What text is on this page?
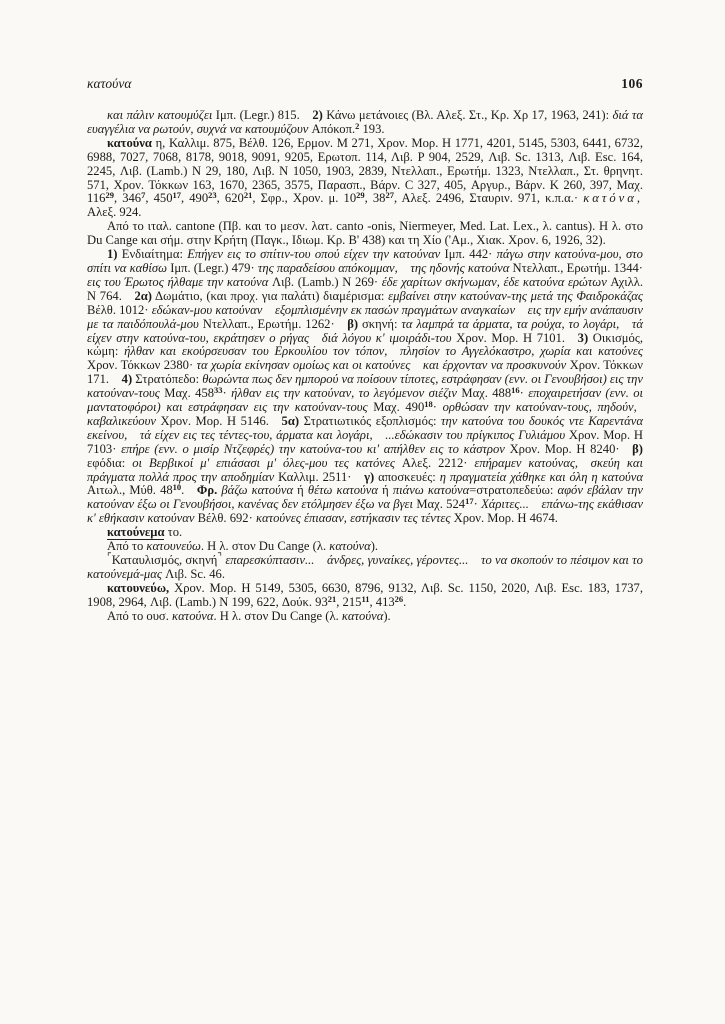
κατούνα	106

και πάλιν κατουμύζει Ιμπ. (Legr.) 815. 2) Κάνω μετάνοιες (Βλ. Αλεξ. Στ., Κρ. Χρ 17, 1963, 241): διά τα ευαγγέλια να ρωτούν, συχνά να κατουμύζουν Απόκοπ.$^2$ 193.

κατούνα η, Καλλιμ. 875, Βέλθ. 126, Ερμον. Μ 271, Χρον. Μορ. Η 1771, 4201, 5145, 5303, 6441, 6732, 6988, 7027, 7068, 8178, 9018, 9091, 9205, Ερωτοπ. 114, Λιβ. P 904, 2529, Λιβ. Sc. 1313, Λιβ. Esc. 164, 2245, Λιβ. (Lamb.) N 29, 180, Λιβ. N 1050, 1903, 2839, Ντελλαπ., Ερωτήμ. 1323, Ντελλαπ., Στ. θρηνητ. 571, Χρον. Τόκκων 163, 1670, 2365, 3575, Παρασπ., Βάρν. C 327, 405, Αργυρ., Βάρν. Κ 260, 397, Μαχ. $116^{29}$, $346^7$, $450^{17}$, $490^{23}$, $620^{21}$, Σφρ., Χρον. μ. $10^{29}$, $38^{27}$, Αλεξ. 2496, Σταυριν. 971, κ.π.α.· κατόνα, Αλεξ. 924.

Από το ιταλ. cantone (Πβ. και το μεσν. λατ. canto -onis, Niermeyer, Med. Lat. Lex., λ. cantus). Η λ. στο Du Cange και σήμ. στην Κρήτη (Παγκ., Ιδιωμ. Κρ. Β' 438) και τη Χίο ('Αμ., Χιακ. Χρον. 6, 1926, 32).

1) Ενδιαίτημα: Επήγεν εις το σπίτιν-του οπού είχεν την κατούναν Ιμπ. 442· πάγω στην κατούνα-μου, στο σπίτι να καθίσω Ιμπ. (Legr.) 479· της παραδείσου απόκομμαν, της ηδονής κατούνα Ντελλαπ., Ερωτήμ. 1344· εις του Έρωτος ήλθαμε την κατούνα Λιβ. (Lamb.) N 269· έδε χαρίτων σκήνωμαν, έδε κατούνα ερώτων Αχιλλ. N 764. 2α) Δωμάτιο, (και προχ. για παλάτι) διαμέρισμα: εμβαίνει στην κατούναν-της μετά της Φαιδροκάζας Βέλθ. 1012· εδώκαν-μου κατούναν εξομπλισμένην εκ πασών πραγμάτων αναγκαίων εις την εμήν ανάπαυσιν με τα παιδόπουλά-μου Ντελλαπ., Ερωτήμ. 1262· β) σκηνή: τα λαμπρά τα άρματα, τα ρούχα, το λογάρι, τά είχεν στην κατούνα-του, εκράτησεν ο ρήγας διά λόγου κ' ιμοιράδι-του Χρον. Μορ. Η 7101. 3) Οικισμός, κώμη: ήλθαν και εκούρσευσαν του Ερκουλίου τον τόπον, πλησίον το Αγγελόκαστρο, χωρία και κατούνες Χρον. Τόκκων 2380· τα χωρία εκίνησαν ομοίως και οι κατούνες και έρχονταν να προσκυνούν Χρον. Τόκκων 171. 4) Στρατόπεδο: θωρώντα πως δεν ημπορού να ποίσουν τίποτες, εστράφησαν (ενν. οι Γενουβήσοι) εις την κατούναν-τους Μαχ. $458^{33}\cdot ή\lambda\theta\alpha\nu$ εις την κατούναν, το λεγόμενον σιέζιν Μαχ. $488^{16}\cdot \varepsilon\pi o\chi\alpha\iota\rho\varepsilon\tau ή\sigma\alpha\nu$ (ενν. οι μαντατοφόροι) και εστράφησαν εις την κατούναν-τους Μαχ. $490^{18}\cdot o\rho\theta ώ\sigma\alpha\nu$ την κατούναν-τους, πηδούν, καβαλικεύουν Χρον. Μορ. Η 5146. 5α) Στρατιωτικός εξοπλισμός: την κατούνα του δουκός ντε Καρεντάνα εκείνου, τά είχεν εις τες τέντες-του, άρματα και λογάρι, ...εδώκασιν του πρίγκιπος Γυλιάμου Χρον. Μορ. Η 7103· επήρε (ενν. ο μισίρ Ντζεφρές) την κατούνα-του κι' απήλθεν εις το κάστρον Χρον. Μορ. Η 8240· β) εφόδια: οι Βερβικοί μ' επιάσασι μ' όλες-μου τες κατόνες Αλεξ. 2212· επήραμεν κατούνας, σκεύη και πράγματα πολλά προς την αποδημίαν Καλλιμ. 2511· γ) αποσκευές: η πραγματεία χάθηκε και όλη η κατούνα Αιτωλ., Μύθ. $48^{10}$. Φρ. βάζω κατούνα ή θέτω κατούνα ή πιάνω κατούνα=στρατοπεδεύω: αφόν εβάλαν την κατούναν έξω οι Γενουβήσοι, κανένας δεν ετόλμησεν έξω να βγει Μαχ. $524^{17}\cdot Xά\rho\iota\tau\varepsilon\varsigma$... επάνω-της εκάθισαν κ' εθήκασιν κατούναν Βέλθ. 692· κατούνες έπιασαν, εστήκασιν τες τέντες Χρον. Μορ. Η 4674.

κατούνεμα το.

Από το κατουνεύω. Η λ. στον Du Cange (λ. κατούνα).

⌜Καταυλισμός, σκηνή⌝ επαρεσκύπτασιν... άνδρες, γυναίκες, γέροντες... το να σκοπούν το πέσιμον και το κατούνεμά-μας Λιβ. Sc. 46.

κατουνεύω, Χρον. Μορ. Η 5149, 5305, 6630, 8796, 9132, Λιβ. Sc. 1150, 2020, Λιβ. Esc. 183, 1737, 1908, 2964, Λιβ. (Lamb.) N 199, 622, Δούκ. $93^{21}$, $215^{11}$, $413^{26}$.

Από το ουσ. κατούνα. Η λ. στον Du Cange (λ. κατούνα).
